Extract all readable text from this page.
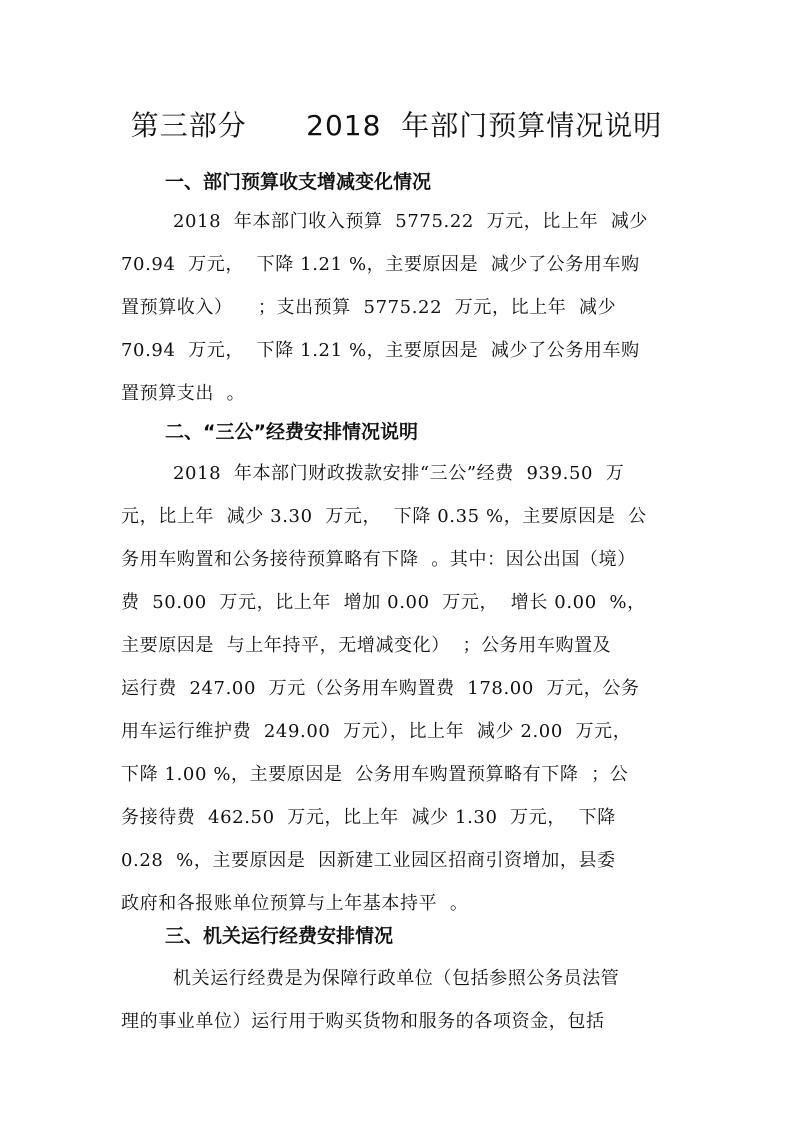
第三部分      2018  年部门预算情况说明
一、部门预算收支增减变化情况
2018  年本部门收入预算  5775.22  万元，比上年  减少
70.94  万元，  下降 1.21 %，主要原因是  减少了公务用车购
置预算收入）    ；支出预算  5775.22  万元，比上年  减少
70.94  万元，  下降 1.21 %，主要原因是  减少了公务用车购
置预算支出  。
二、“三公”经费安排情况说明
2018  年本部门财政拨款安排“三公”经费  939.50  万
元，比上年  减少 3.30  万元，  下降 0.35 %，主要原因是  公
务用车购置和公务接待预算略有下降  。其中：因公出国（境）
费  50.00  万元，比上年  增加 0.00  万元，  增长 0.00  %，
主要原因是  与上年持平，无增减变化）  ；公务用车购置及
运行费  247.00  万元（公务用车购置费  178.00  万元，公务
用车运行维护费  249.00  万元），比上年  减少 2.00  万元，
下降 1.00 %，主要原因是  公务用车购置预算略有下降  ；公
务接待费  462.50  万元，比上年  减少 1.30  万元，  下降
0.28  %，主要原因是  因新建工业园区招商引资增加，县委
政府和各报账单位预算与上年基本持平  。
三、机关运行经费安排情况
机关运行经费是为保障行政单位（包括参照公务员法管
理的事业单位）运行用于购买货物和服务的各项资金，包括
